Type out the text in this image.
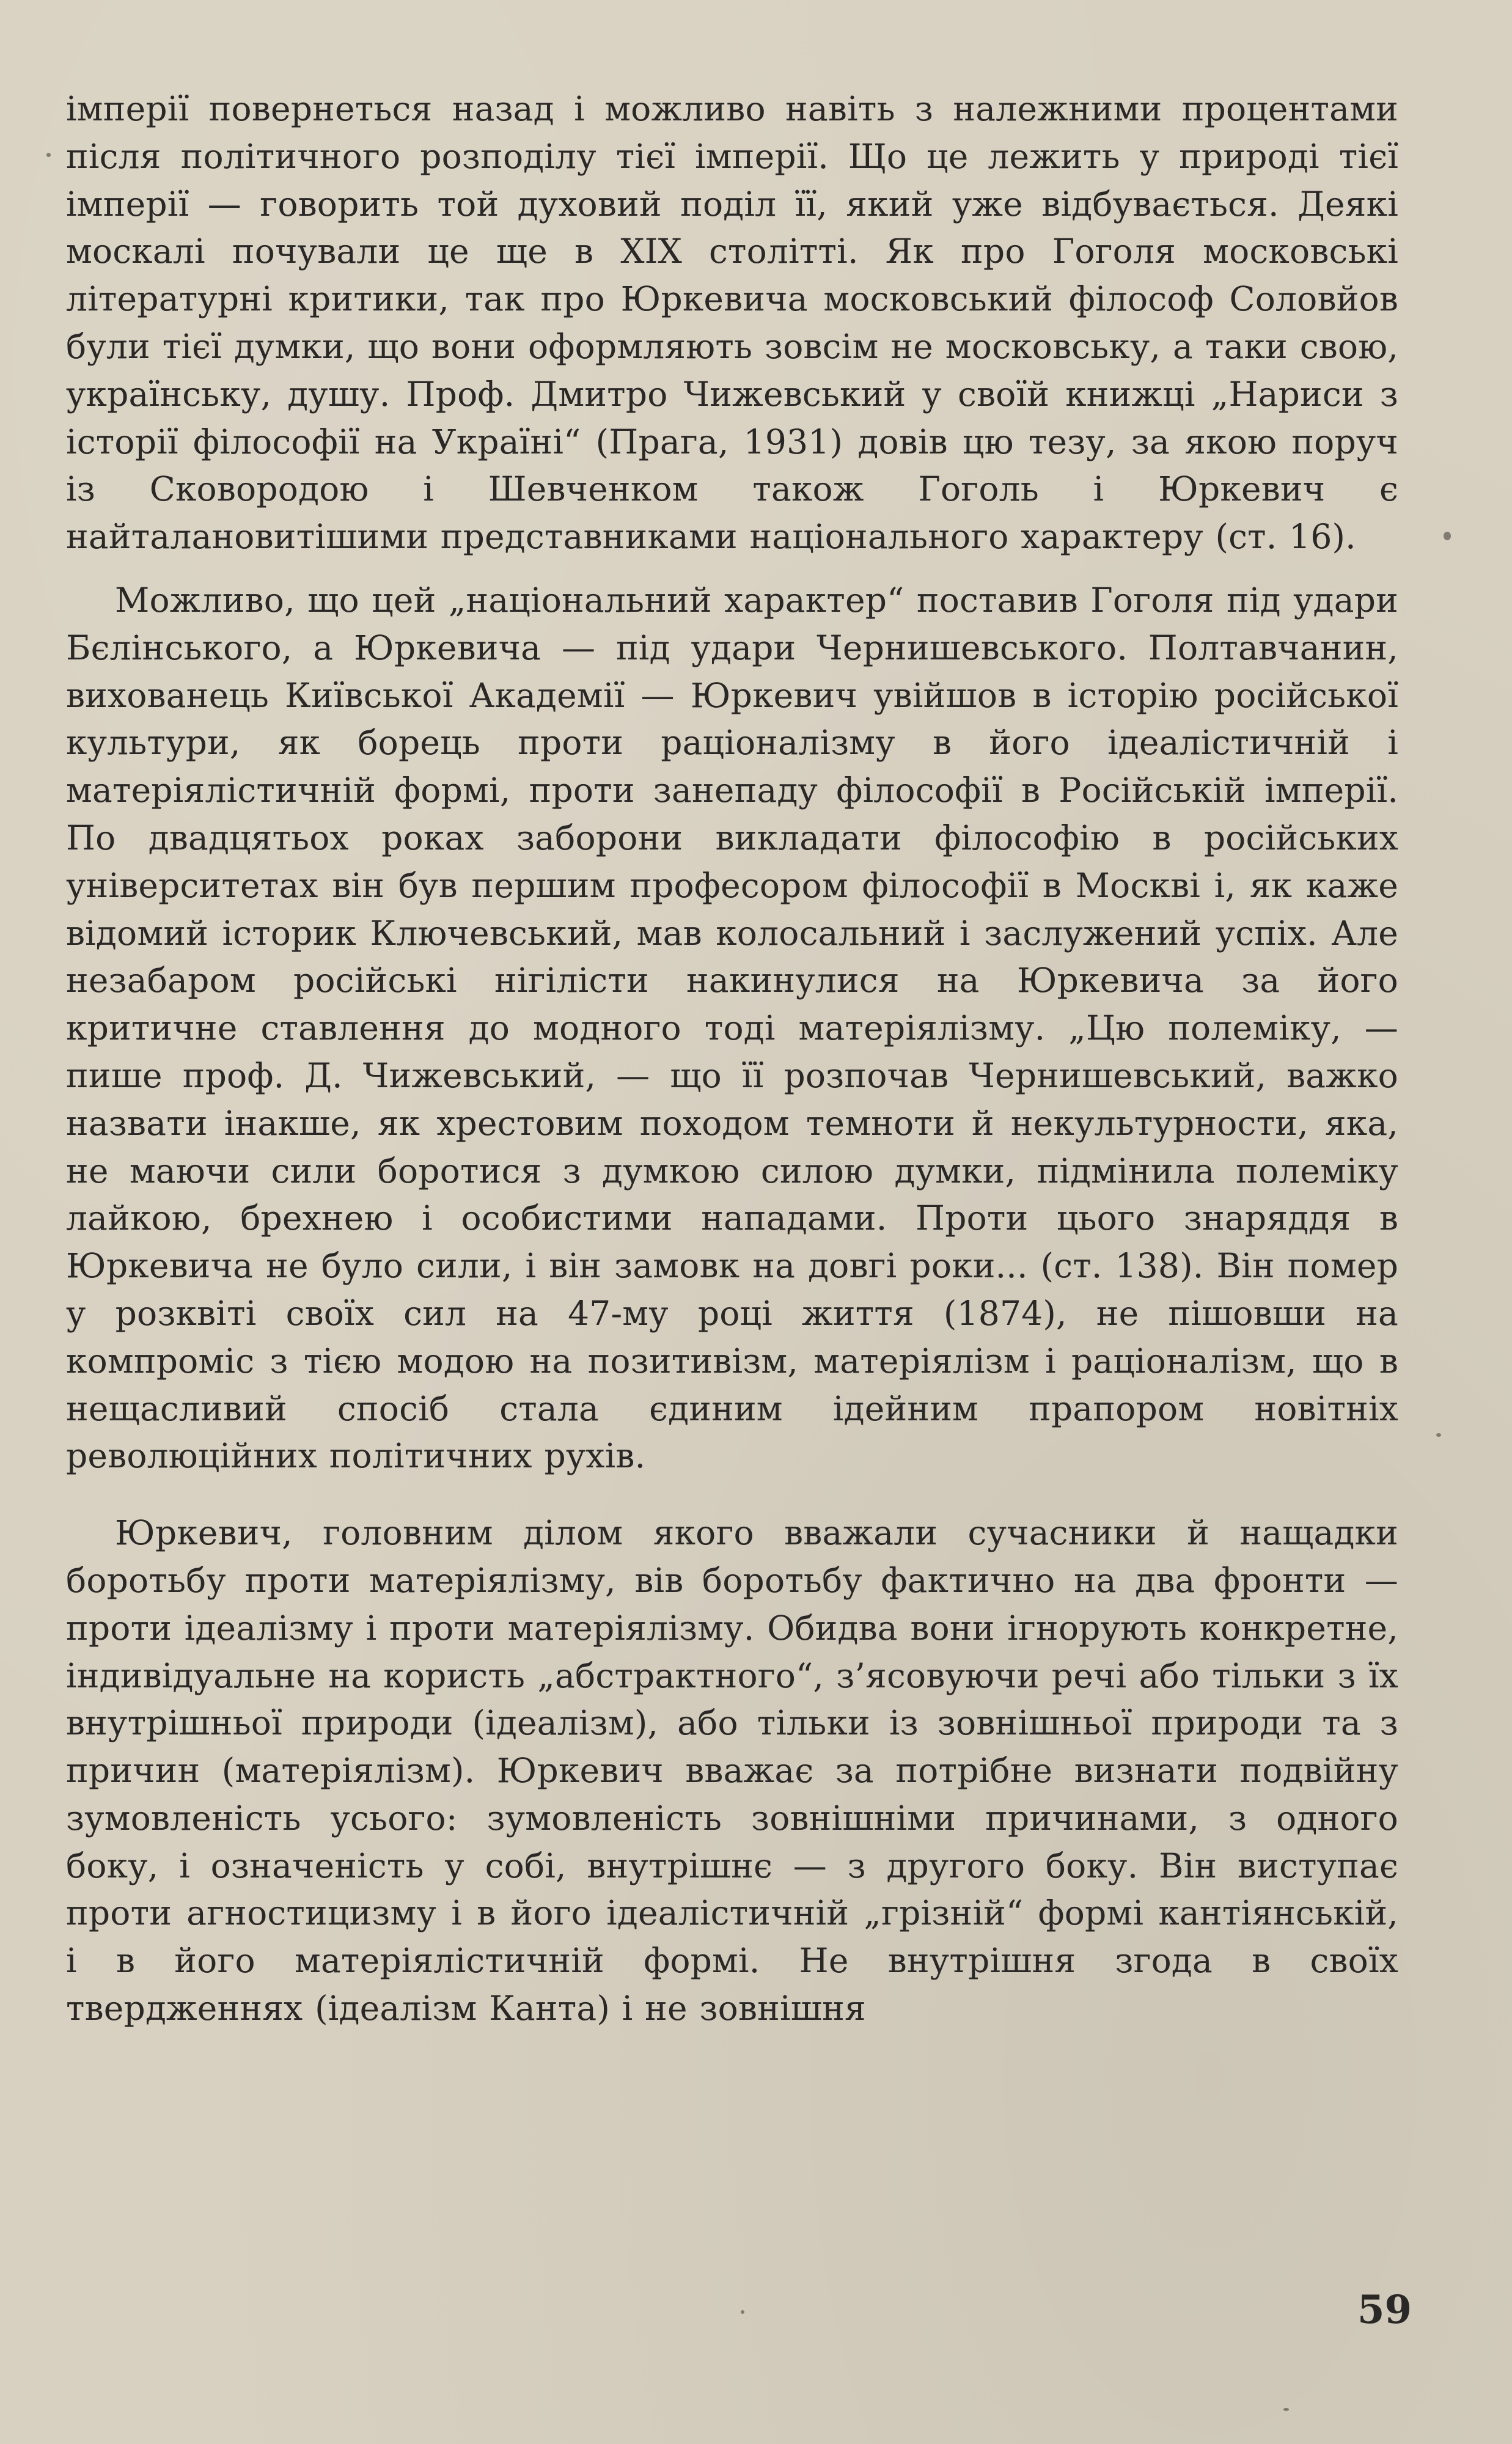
імперії повернеться назад і можливо навіть з належними процентами після політичного розподілу тієї імперії. Що це лежить у природі тієї імперії — говорить той духовий поділ її, який уже відбувається. Деякі москалі почували це ще в XIX столітті. Як про Гоголя московські літературні критики, так про Юркевича московський філософ Соловйов були тієї думки, що вони оформляють зовсім не московську, а таки свою, українську, душу. Проф. Дмитро Чижевський у своїй книжці „Нариси з історії філософії на Україні“ (Прага, 1931) довів цю тезу, за якою поруч із Сковородою і Шевченком також Гоголь і Юркевич є найталановитішими представниками національного характеру (ст. 16).

Можливо, що цей „національний характер“ поставив Гоголя під удари Бєлінського, а Юркевича — під удари Чернишевського. Полтавчанин, вихованець Київської Академії — Юркевич увійшов в історію російської культури, як борець проти раціоналізму в його ідеалістичній і матеріялістичній формі, проти занепаду філософії в Російській імперії. По двадцятьох роках заборони викладати філософію в російських університетах він був першим професором філософії в Москві і, як каже відомий історик Ключевський, мав колосальний і заслужений успіх. Але незабаром російські нігілісти накинулися на Юркевича за його критичне ставлення до модного тоді матеріялізму. „Цю полеміку, — пише проф. Д. Чижевський, — що її розпочав Чернишевський, важко назвати інакше, як хрестовим походом темноти й некультурности, яка, не маючи сили боротися з думкою силою думки, підмінила полеміку лайкою, брехнею і особистими нападами. Проти цього знаряддя в Юркевича не було сили, і він замовк на довгі роки... (ст. 138). Він помер у розквіті своїх сил на 47-му році життя (1874), не пішовши на компроміс з тією модою на позитивізм, матеріялізм і раціоналізм, що в нещасливий спосіб стала єдиним ідейним прапором новітніх революційних політичних рухів.

Юркевич, головним ділом якого вважали сучасники й нащадки боротьбу проти матеріялізму, вів боротьбу фактично на два фронти — проти ідеалізму і проти матеріялізму. Обидва вони ігнорують конкретне, індивідуальне на користь „абстрактного“, з’ясовуючи речі або тільки з їх внутрішньої природи (ідеалізм), або тільки із зовнішньої природи та з причин (матеріялізм). Юркевич вважає за потрібне визнати подвійну зумовленість усього: зумовленість зовнішніми причинами, з одного боку, і означеність у собі, внутрішнє — з другого боку. Він виступає проти агностицизму і в його ідеалістичній „грізній“ формі кантіянській, і в його матеріялістичній формі. Не внутрішня згода в своїх твердженнях (ідеалізм Канта) і не зовнішня

59
